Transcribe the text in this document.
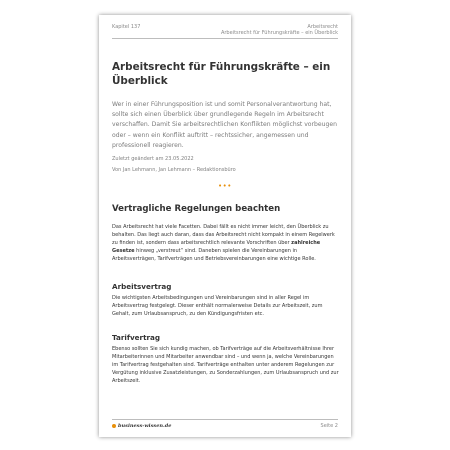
Kapitel 137	Arbeitsrecht
Arbeitsrecht für Führungskräfte – ein Überblick
Arbeitsrecht für Führungskräfte – ein Überblick

Wer in einer Führungsposition ist und somit Personalverantwortung hat, sollte sich einen Überblick über grundlegende Regeln im Arbeitsrecht verschaffen. Damit Sie arbeitsrechtlichen Konflikten möglichst vorbeugen oder – wenn ein Konflikt auftritt – rechtssicher, angemessen und professionell reagieren.

Zuletzt geändert am 23.05.2022

Von Jan Lehmann, Jan Lehmann – Redaktionsbüro

•••
Vertragliche Regelungen beachten

Das Arbeitsrecht hat viele Facetten. Dabei fällt es nicht immer leicht, den Überblick zu behalten. Das liegt auch daran, dass das Arbeitsrecht nicht kompakt in einem Regelwerk zu finden ist, sondern dass arbeitsrechtlich relevante Vorschriften über zahlreiche Gesetze hinweg „verstreut“ sind. Daneben spielen die Vereinbarungen in Arbeitsverträgen, Tarifverträgen und Betriebsvereinbarungen eine wichtige Rolle.

Arbeitsvertrag

Die wichtigsten Arbeitsbedingungen und Vereinbarungen sind in aller Regel im Arbeitsvertrag festgelegt. Dieser enthält normalerweise Details zur Arbeitszeit, zum Gehalt, zum Urlaubsanspruch, zu den Kündigungsfristen etc.

Tarifvertrag

Ebenso sollten Sie sich kundig machen, ob Tarifverträge auf die Arbeitsverhältnisse Ihrer Mitarbeiterinnen und Mitarbeiter anwendbar sind – und wenn ja, welche Vereinbarungen im Tarifvertrag festgehalten sind. Tarifverträge enthalten unter anderem Regelungen zur Vergütung inklusive Zusatzleistungen, zu Sonderzahlungen, zum Urlaubsanspruch und zur Arbeitszeit.

business-wissen.de	Seite 2
